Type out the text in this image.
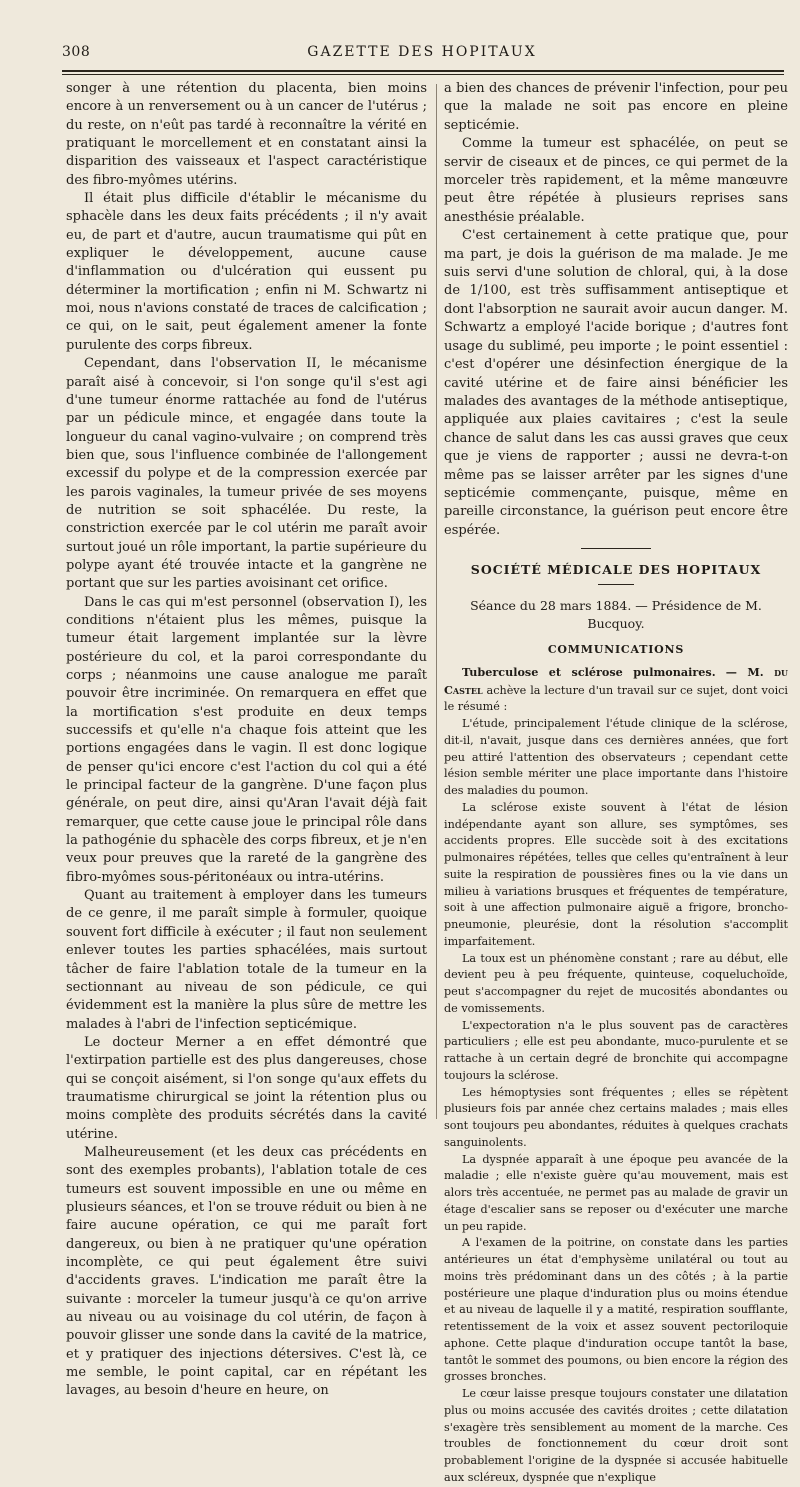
308	GAZETTE DES HOPITAUX

songer à une rétention du placenta, bien moins encore à un renversement ou à un cancer de l'utérus ; du reste, on n'eût pas tardé à reconnaître la vérité en pratiquant le morcellement et en constatant ainsi la disparition des vaisseaux et l'aspect caractéristique des fibro-myômes utérins.

Il était plus difficile d'établir le mécanisme du sphacèle dans les deux faits précédents ; il n'y avait eu, de part et d'autre, aucun traumatisme qui pût en expliquer le développement, aucune cause d'inflammation ou d'ulcération qui eussent pu déterminer la mortification ; enfin ni M. Schwartz ni moi, nous n'avions constaté de traces de calcification ; ce qui, on le sait, peut également amener la fonte purulente des corps fibreux.

Cependant, dans l'observation II, le mécanisme paraît aisé à concevoir, si l'on songe qu'il s'est agi d'une tumeur énorme rattachée au fond de l'utérus par un pédicule mince, et engagée dans toute la longueur du canal vagino-vulvaire ; on comprend très bien que, sous l'influence combinée de l'allongement excessif du polype et de la compression exercée par les parois vaginales, la tumeur privée de ses moyens de nutrition se soit sphacélée. Du reste, la constriction exercée par le col utérin me paraît avoir surtout joué un rôle important, la partie supérieure du polype ayant été trouvée intacte et la gangrène ne portant que sur les parties avoisinant cet orifice.

Dans le cas qui m'est personnel (observation I), les conditions n'étaient plus les mêmes, puisque la tumeur était largement implantée sur la lèvre postérieure du col, et la paroi correspondante du corps ; néanmoins une cause analogue me paraît pouvoir être incriminée. On remarquera en effet que la mortification s'est produite en deux temps successifs et qu'elle n'a chaque fois atteint que les portions engagées dans le vagin. Il est donc logique de penser qu'ici encore c'est l'action du col qui a été le principal facteur de la gangrène. D'une façon plus générale, on peut dire, ainsi qu'Aran l'avait déjà fait remarquer, que cette cause joue le principal rôle dans la pathogénie du sphacèle des corps fibreux, et je n'en veux pour preuves que la rareté de la gangrène des fibro-myômes sous-péritonéaux ou intra-utérins.

Quant au traitement à employer dans les tumeurs de ce genre, il me paraît simple à formuler, quoique souvent fort difficile à exécuter ; il faut non seulement enlever toutes les parties sphacélées, mais surtout tâcher de faire l'ablation totale de la tumeur en la sectionnant au niveau de son pédicule, ce qui évidemment est la manière la plus sûre de mettre les malades à l'abri de l'infection septicémique.

Le docteur Merner a en effet démontré que l'extirpation partielle est des plus dangereuses, chose qui se conçoit aisément, si l'on songe qu'aux effets du traumatisme chirurgical se joint la rétention plus ou moins complète des produits sécrétés dans la cavité utérine.

Malheureusement (et les deux cas précédents en sont des exemples probants), l'ablation totale de ces tumeurs est souvent impossible en une ou même en plusieurs séances, et l'on se trouve réduit ou bien à ne faire aucune opération, ce qui me paraît fort dangereux, ou bien à ne pratiquer qu'une opération incomplète, ce qui peut également être suivi d'accidents graves. L'indication me paraît être la suivante : morceler la tumeur jusqu'à ce qu'on arrive au niveau ou au voisinage du col utérin, de façon à pouvoir glisser une sonde dans la cavité de la matrice, et y pratiquer des injections détersives. C'est là, ce me semble, le point capital, car en répétant les lavages, au besoin d'heure en heure, on

a bien des chances de prévenir l'infection, pour peu que la malade ne soit pas encore en pleine septicémie.

Comme la tumeur est sphacélée, on peut se servir de ciseaux et de pinces, ce qui permet de la morceler très rapidement, et la même manœuvre peut être répétée à plusieurs reprises sans anesthésie préalable.

C'est certainement à cette pratique que, pour ma part, je dois la guérison de ma malade. Je me suis servi d'une solution de chloral, qui, à la dose de 1/100, est très suffisamment antiseptique et dont l'absorption ne saurait avoir aucun danger. M. Schwartz a employé l'acide borique ; d'autres font usage du sublimé, peu importe ; le point essentiel : c'est d'opérer une désinfection énergique de la cavité utérine et de faire ainsi bénéficier les malades des avantages de la méthode antiseptique, appliquée aux plaies cavitaires ; c'est la seule chance de salut dans les cas aussi graves que ceux que je viens de rapporter ; aussi ne devra-t-on même pas se laisser arrêter par les signes d'une septicémie commençante, puisque, même en pareille circonstance, la guérison peut encore être espérée.

SOCIÉTÉ MÉDICALE DES HOPITAUX
Séance du 28 mars 1884. — Présidence de M. Bucquoy.
COMMUNICATIONS

Tuberculose et sclérose pulmonaires. — M. du Castel achève la lecture d'un travail sur ce sujet, dont voici le résumé :

L'étude, principalement l'étude clinique de la sclérose, dit-il, n'avait, jusque dans ces dernières années, que fort peu attiré l'attention des observateurs ; cependant cette lésion semble mériter une place importante dans l'histoire des maladies du poumon.

La sclérose existe souvent à l'état de lésion indépendante ayant son allure, ses symptômes, ses accidents propres. Elle succède soit à des excitations pulmonaires répétées, telles que celles qu'entraînent à leur suite la respiration de poussières fines ou la vie dans un milieu à variations brusques et fréquentes de température, soit à une affection pulmonaire aiguë a frigore, broncho-pneumonie, pleurésie, dont la résolution s'accomplit imparfaitement.

La toux est un phénomène constant ; rare au début, elle devient peu à peu fréquente, quinteuse, coqueluchoïde, peut s'accompagner du rejet de mucosités abondantes ou de vomissements.

L'expectoration n'a le plus souvent pas de caractères particuliers ; elle est peu abondante, muco-purulente et se rattache à un certain degré de bronchite qui accompagne toujours la sclérose.

Les hémoptysies sont fréquentes ; elles se répètent plusieurs fois par année chez certains malades ; mais elles sont toujours peu abondantes, réduites à quelques crachats sanguinolents.

La dyspnée apparaît à une époque peu avancée de la maladie ; elle n'existe guère qu'au mouvement, mais est alors très accentuée, ne permet pas au malade de gravir un étage d'escalier sans se reposer ou d'exécuter une marche un peu rapide.

A l'examen de la poitrine, on constate dans les parties antérieures un état d'emphysème unilatéral ou tout au moins très prédominant dans un des côtés ; à la partie postérieure une plaque d'induration plus ou moins étendue et au niveau de laquelle il y a matité, respiration soufflante, retentissement de la voix et assez souvent pectoriloquie aphone. Cette plaque d'induration occupe tantôt la base, tantôt le sommet des poumons, ou bien encore la région des grosses bronches.

Le cœur laisse presque toujours constater une dilatation plus ou moins accusée des cavités droites ; cette dilatation s'exagère très sensiblement au moment de la marche. Ces troubles de fonctionnement du cœur droit sont probablement l'origine de la dyspnée si accusée habituelle aux scléreux, dyspnée que n'explique
